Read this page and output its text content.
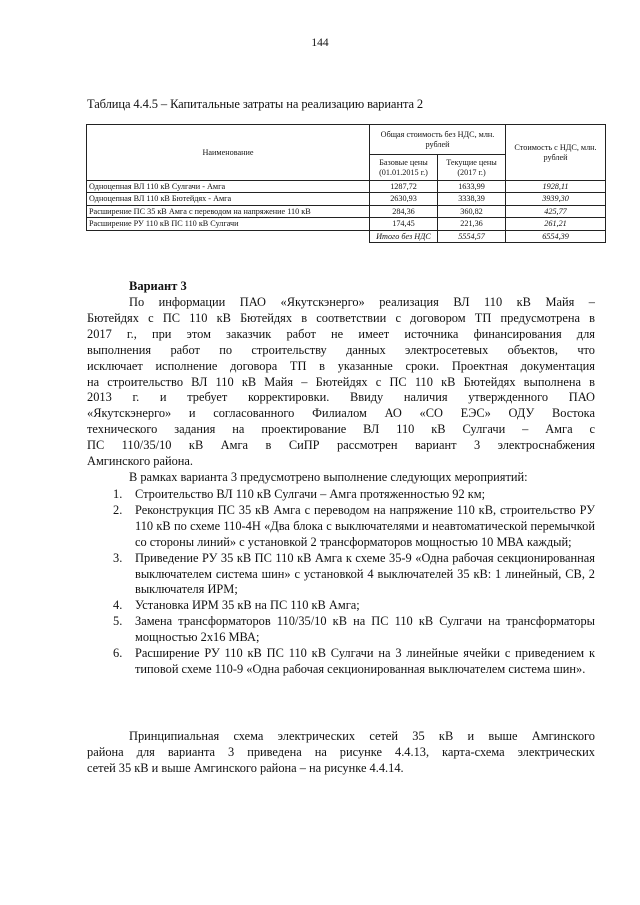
144
Таблица 4.4.5 – Капитальные затраты на реализацию варианта 2
Наименование	Общая стоимость без НДС, млн. рублей		Стоимость с НДС, млн. рублей
	Базовые цены (01.01.2015 г.)	Текущие цены (2017 г.)	
Одноцепная ВЛ 110 кВ Сулгачи - Амга	1287,72	1633,99	1928,11
Одноцепная ВЛ 110 кВ Бютейдях - Амга	2630,93	3338,39	3939,30
Расширение ПС 35 кВ Амга с переводом на напряжение 110 кВ	284,36	360,82	425,77
Расширение РУ 110 кВ ПС 110 кВ Сулгачи	174,45	221,36	261,21
	Итого без НДС	5554,57	6554,39
Вариант 3
По информации ПАО «Якутскэнерго» реализация ВЛ 110 кВ Майя –
Бютейдях с ПС 110 кВ Бютейдях в соответствии с договором ТП предусмотрена в
2017 г., при этом заказчик работ не имеет источника финансирования для
выполнения работ по строительству данных электросетевых объектов, что
исключает исполнение договора ТП в указанные сроки. Проектная документация
на строительство ВЛ 110 кВ Майя – Бютейдях с ПС 110 кВ Бютейдях выполнена в
2013 г. и требует корректировки. Ввиду наличия утвержденного ПАО
«Якутскэнерго» и согласованного Филиалом АО «СО ЕЭС» ОДУ Востока
технического задания на проектирование ВЛ 110 кВ Сулгачи – Амга с
ПС 110/35/10 кВ Амга в СиПР рассмотрен вариант 3 электроснабжения
Амгинского района.
В рамках варианта 3 предусмотрено выполнение следующих мероприятий:
1. Строительство ВЛ 110 кВ Сулгачи – Амга протяженностью 92 км;
2. Реконструкция ПС 35 кВ Амга с переводом на напряжение 110 кВ, строительство РУ 110 кВ по схеме 110-4Н «Два блока с выключателями и неавтоматической перемычкой со стороны линий» с установкой 2 трансформаторов мощностью 10 МВА каждый;
3. Приведение РУ 35 кВ ПС 110 кВ Амга к схеме 35-9 «Одна рабочая секционированная выключателем система шин» с установкой 4 выключателей 35 кВ: 1 линейный, СВ, 2 выключателя ИРМ;
4. Установка ИРМ 35 кВ на ПС 110 кВ Амга;
5. Замена трансформаторов 110/35/10 кВ на ПС 110 кВ Сулгачи на трансформаторы мощностью 2х16 МВА;
6. Расширение РУ 110 кВ ПС 110 кВ Сулгачи на 3 линейные ячейки с приведением к типовой схеме 110-9 «Одна рабочая секционированная выключателем система шин».
Принципиальная схема электрических сетей 35 кВ и выше Амгинского
района для варианта 3 приведена на рисунке 4.4.13, карта-схема электрических
сетей 35 кВ и выше Амгинского района – на рисунке 4.4.14.
